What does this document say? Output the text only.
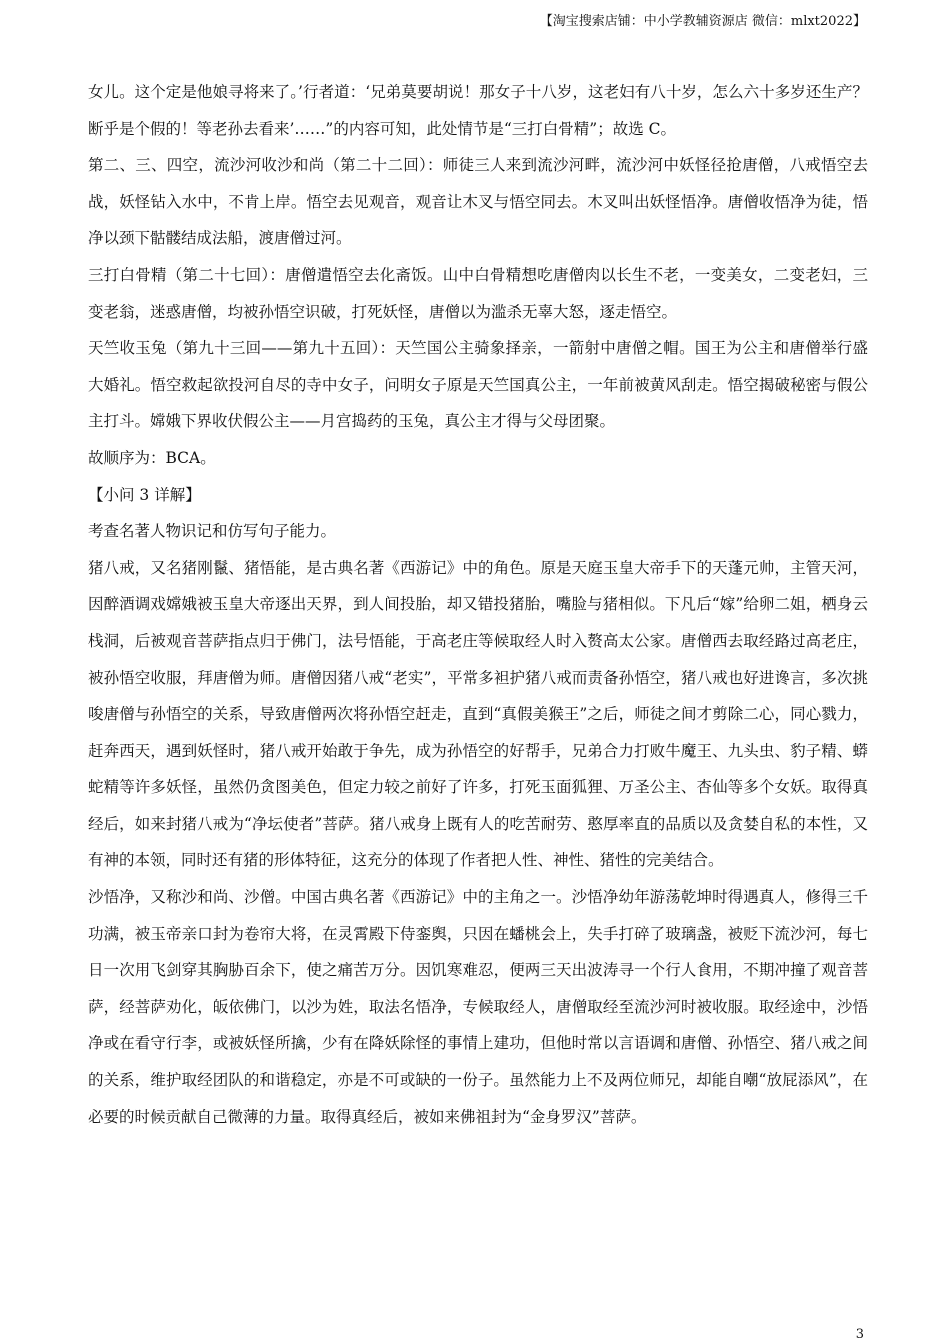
【淘宝搜索店铺：中小学教辅资源店 微信：mlxt2022】

女儿。这个定是他娘寻将来了。’行者道：‘兄弟莫要胡说！那女子十八岁，这老妇有八十岁，怎么六十多岁还生产？断乎是个假的！等老孙去看来’……”的内容可知，此处情节是“三打白骨精”；故选 C。

第二、三、四空，流沙河收沙和尚（第二十二回）：师徒三人来到流沙河畔，流沙河中妖怪径抢唐僧，八戒悟空去战，妖怪钻入水中，不肯上岸。悟空去见观音，观音让木叉与悟空同去。木叉叫出妖怪悟净。唐僧收悟净为徒，悟净以颈下骷髅结成法船，渡唐僧过河。

三打白骨精（第二十七回）：唐僧遣悟空去化斋饭。山中白骨精想吃唐僧肉以长生不老，一变美女，二变老妇，三变老翁，迷惑唐僧，均被孙悟空识破，打死妖怪，唐僧以为滥杀无辜大怒，逐走悟空。

天竺收玉兔（第九十三回——第九十五回）：天竺国公主骑象择亲，一箭射中唐僧之帽。国王为公主和唐僧举行盛大婚礼。悟空救起欲投河自尽的寺中女子，问明女子原是天竺国真公主，一年前被黄风刮走。悟空揭破秘密与假公主打斗。嫦娥下界收伏假公主——月宫捣药的玉兔，真公主才得与父母团聚。

故顺序为：BCA。

【小问 3 详解】

考查名著人物识记和仿写句子能力。

猪八戒，又名猪刚鬣、猪悟能，是古典名著《西游记》中的角色。原是天庭玉皇大帝手下的天蓬元帅，主管天河，因醉酒调戏嫦娥被玉皇大帝逐出天界，到人间投胎，却又错投猪胎，嘴脸与猪相似。下凡后“嫁”给卵二姐，栖身云栈洞，后被观音菩萨指点归于佛门，法号悟能，于高老庄等候取经人时入赘高太公家。唐僧西去取经路过高老庄，被孙悟空收服，拜唐僧为师。唐僧因猪八戒“老实”，平常多袒护猪八戒而责备孙悟空，猪八戒也好进谗言，多次挑唆唐僧与孙悟空的关系，导致唐僧两次将孙悟空赶走，直到“真假美猴王”之后，师徒之间才剪除二心，同心戮力，赶奔西天，遇到妖怪时，猪八戒开始敢于争先，成为孙悟空的好帮手，兄弟合力打败牛魔王、九头虫、豹子精、蟒蛇精等许多妖怪，虽然仍贪图美色，但定力较之前好了许多，打死玉面狐狸、万圣公主、杏仙等多个女妖。取得真经后，如来封猪八戒为“净坛使者”菩萨。猪八戒身上既有人的吃苦耐劳、憨厚率直的品质以及贪婪自私的本性，又有神的本领，同时还有猪的形体特征，这充分的体现了作者把人性、神性、猪性的完美结合。

沙悟净，又称沙和尚、沙僧。中国古典名著《西游记》中的主角之一。沙悟净幼年游荡乾坤时得遇真人，修得三千功满，被玉帝亲口封为卷帘大将，在灵霄殿下侍銮舆，只因在蟠桃会上，失手打碎了玻璃盏，被贬下流沙河，每七日一次用飞剑穿其胸胁百余下，使之痛苦万分。因饥寒难忍，便两三天出波涛寻一个行人食用，不期冲撞了观音菩萨，经菩萨劝化，皈依佛门，以沙为姓，取法名悟净，专候取经人，唐僧取经至流沙河时被收服。取经途中，沙悟净或在看守行李，或被妖怪所擒，少有在降妖除怪的事情上建功，但他时常以言语调和唐僧、孙悟空、猪八戒之间的关系，维护取经团队的和谐稳定，亦是不可或缺的一份子。虽然能力上不及两位师兄，却能自嘲“放屁添风”，在必要的时候贡献自己微薄的力量。取得真经后，被如来佛祖封为“金身罗汉”菩萨。

3
